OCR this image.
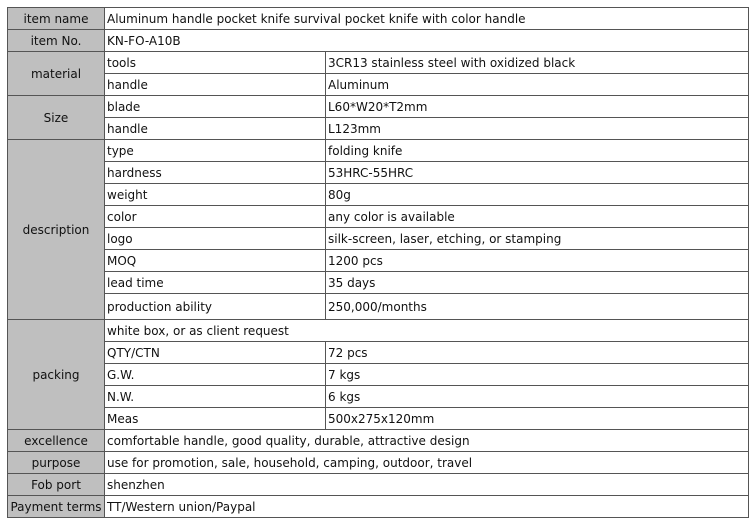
item name	Aluminum handle pocket knife survival pocket knife with color handle	
item No.	KN-FO-A10B	
material	tools	3CR13 stainless steel with oxidized black
	handle	Aluminum
Size	blade	L60*W20*T2mm
	handle	L123mm
description	type	folding knife
	hardness	53HRC-55HRC
	weight	80g
	color	any color is available
	logo	silk-screen, laser, etching, or stamping
	MOQ	1200 pcs
	lead time	35 days
	production ability	250,000/months
packing	white box, or as client request	
	QTY/CTN	72 pcs
	G.W.	7 kgs
	N.W.	6 kgs
	Meas	500x275x120mm
excellence	comfortable handle, good quality, durable, attractive design	
purpose	use for promotion, sale, household, camping, outdoor, travel	
Fob port	shenzhen	
Payment terms	TT/Western union/Paypal	
